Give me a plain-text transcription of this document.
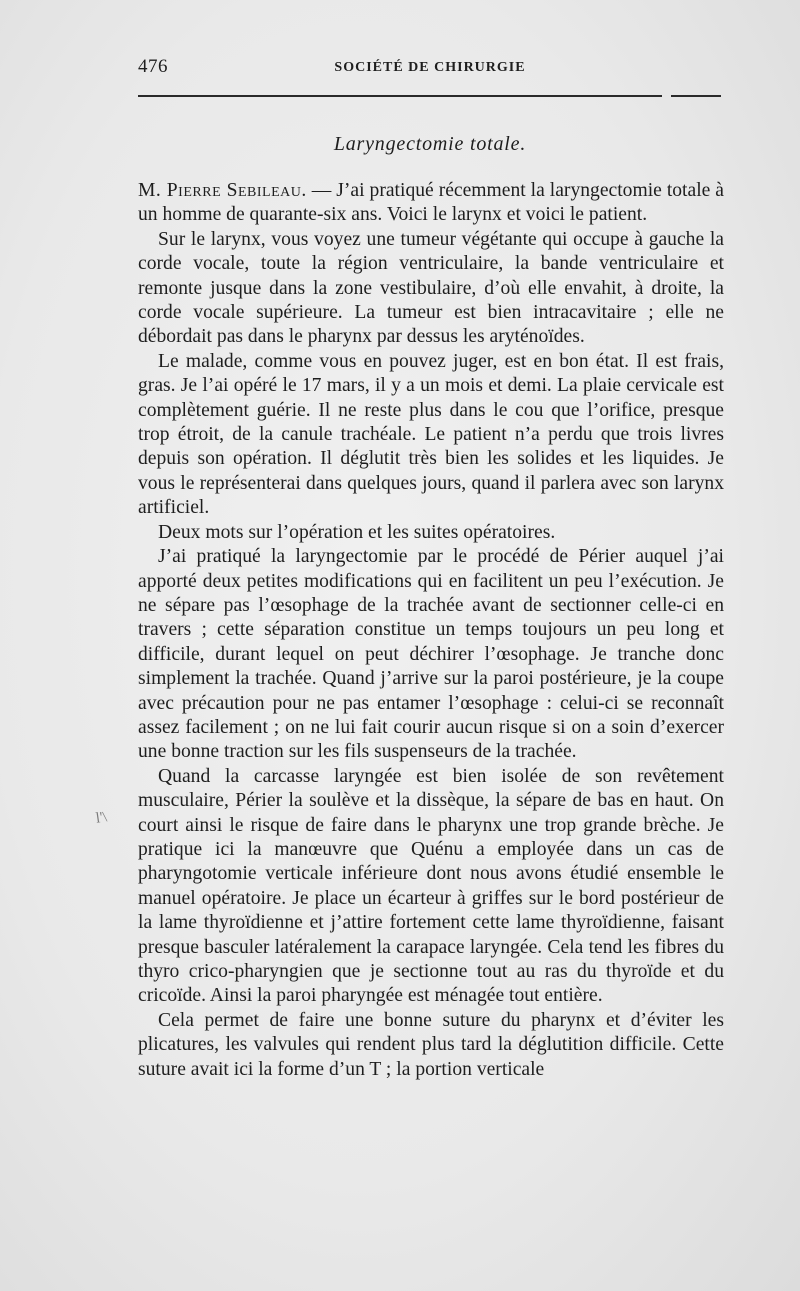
476	SOCIÉTÉ DE CHIRURGIE
Laryngectomie totale.

M. Pierre Sebileau. — J’ai pratiqué récemment la laryngectomie totale à un homme de quarante-six ans. Voici le larynx et voici le patient.

Sur le larynx, vous voyez une tumeur végétante qui occupe à gauche la corde vocale, toute la région ventriculaire, la bande ventriculaire et remonte jusque dans la zone vestibulaire, d’où elle envahit, à droite, la corde vocale supérieure. La tumeur est bien intracavitaire ; elle ne débordait pas dans le pharynx par dessus les aryténoïdes.

Le malade, comme vous en pouvez juger, est en bon état. Il est frais, gras. Je l’ai opéré le 17 mars, il y a un mois et demi. La plaie cervicale est complètement guérie. Il ne reste plus dans le cou que l’orifice, presque trop étroit, de la canule trachéale. Le patient n’a perdu que trois livres depuis son opération. Il déglutit très bien les solides et les liquides. Je vous le représenterai dans quelques jours, quand il parlera avec son larynx artificiel.

Deux mots sur l’opération et les suites opératoires.

J’ai pratiqué la laryngectomie par le procédé de Périer auquel j’ai apporté deux petites modifications qui en facilitent un peu l’exécution. Je ne sépare pas l’œsophage de la trachée avant de sectionner celle-ci en travers ; cette séparation constitue un temps toujours un peu long et difficile, durant lequel on peut déchirer l’œsophage. Je tranche donc simplement la trachée. Quand j’arrive sur la paroi postérieure, je la coupe avec précaution pour ne pas entamer l’œsophage : celui-ci se reconnaît assez facilement ; on ne lui fait courir aucun risque si on a soin d’exercer une bonne traction sur les fils suspenseurs de la trachée.

Quand la carcasse laryngée est bien isolée de son revêtement musculaire, Périer la soulève et la dissèque, la sépare de bas en haut. On court ainsi le risque de faire dans le pharynx une trop grande brèche. Je pratique ici la manœuvre que Quénu a employée dans un cas de pharyngotomie verticale inférieure dont nous avons étudié ensemble le manuel opératoire. Je place un écarteur à griffes sur le bord postérieur de la lame thyroïdienne et j’attire fortement cette lame thyroïdienne, faisant presque basculer latéralement la carapace laryngée. Cela tend les fibres du thyro crico-pharyngien que je sectionne tout au ras du thyroïde et du cricoïde. Ainsi la paroi pharyngée est ménagée tout entière.

Cela permet de faire une bonne suture du pharynx et d’éviter les plicatures, les valvules qui rendent plus tard la déglutition difficile. Cette suture avait ici la forme d’un T ; la portion verticale

l'\
